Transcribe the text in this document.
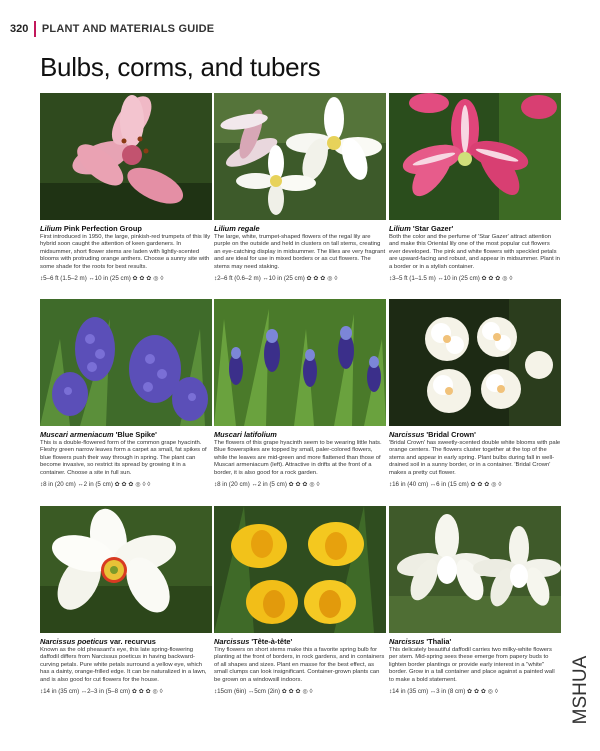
320 PLANT AND MATERIALS GUIDE
Bulbs, corms, and tubers
Lilium Pink Perfection Group
First introduced in 1950, the large, pinkish-red trumpets of this lily hybrid soon caught the attention of keen gardeners. In midsummer, short flower stems are laden with lightly-scented blooms with protruding orange anthers. Choose a sunny site with some shade for the roots for best results.
↕5–6 ft (1.5–2 m) ↔10 in (25 cm) ✿ ✿ ✿ ◎ ◊
Lilium regale
The large, white, trumpet-shaped flowers of the regal lily are purple on the outside and held in clusters on tall stems, creating an eye-catching display in midsummer. The lilies are very fragrant and are ideal for use in mixed borders or as cut flowers. The stems may need staking.
↕2–6 ft (0.6–2 m) ↔10 in (25 cm) ✿ ✿ ✿ ◎ ◊
Lilium 'Star Gazer'
Both the color and the perfume of 'Star Gazer' attract attention and make this Oriental lily one of the most popular cut flowers ever developed. The pink and white flowers with speckled petals are upward-facing and robust, and appear in midsummer. Plant in a border or in a stylish container.
↕3–5 ft (1–1.5 m) ↔10 in (25 cm) ✿ ✿ ✿ ◎ ◊
Muscari armeniacum 'Blue Spike'
This is a double-flowered form of the common grape hyacinth. Fleshy green narrow leaves form a carpet as small, fat spikes of blue flowers push their way through in spring. The plant can become invasive, so restrict its spread by growing it in a container. Choose a site in full sun.
↕8 in (20 cm) ↔2 in (5 cm) ✿ ✿ ✿ ◎ ◊ ◊
Muscari latifolium
The flowers of this grape hyacinth seem to be wearing little hats. Blue flowerspikes are topped by small, paler-colored flowers, while the leaves are mid-green and more flattened than those of Muscari armeniacum (left). Attractive in drifts at the front of a border, it is also good for a rock garden.
↕8 in (20 cm) ↔2 in (5 cm) ✿ ✿ ✿ ◎ ◊
Narcissus 'Bridal Crown'
'Bridal Crown' has sweetly-scented double white blooms with pale orange centers. The flowers cluster together at the top of the stems and appear in early spring. Plant bulbs during fall in well-drained soil in a sunny border, or in a container. 'Bridal Crown' makes a pretty cut flower.
↕16 in (40 cm) ↔6 in (15 cm) ✿ ✿ ✿ ◎ ◊
Narcissus poeticus var. recurvus
Known as the old pheasant's eye, this late spring-flowering daffodil differs from Narcissus poeticus in having backward-curving petals. Pure white petals surround a yellow eye, which has a dainty, orange-frilled edge. It can be naturalized in a lawn, and is also good for cut flowers for the house.
↕14 in (35 cm) ↔2–3 in (5–8 cm) ✿ ✿ ✿ ◎ ◊
Narcissus 'Tête-à-tête'
Tiny flowers on short stems make this a favorite spring bulb for planting at the front of borders, in rock gardens, and in containers of all shapes and sizes. Plant en masse for the best effect, as small clumps can look insignificant. Container-grown plants can be grown on a windowsill indoors.
↕15cm (6in) ↔5cm (2in) ✿ ✿ ✿ ◎ ◊
Narcissus 'Thalia'
This delicately beautiful daffodil carries two milky-white flowers per stem. Mid-spring sees these emerge from papery buds to lighten border plantings or provide early interest in a "white" border. Grow in a tall container and place against a painted wall to make a bold statement.
↕14 in (35 cm) ↔3 in (8 cm) ✿ ✿ ✿ ◎ ◊	MSHUA
